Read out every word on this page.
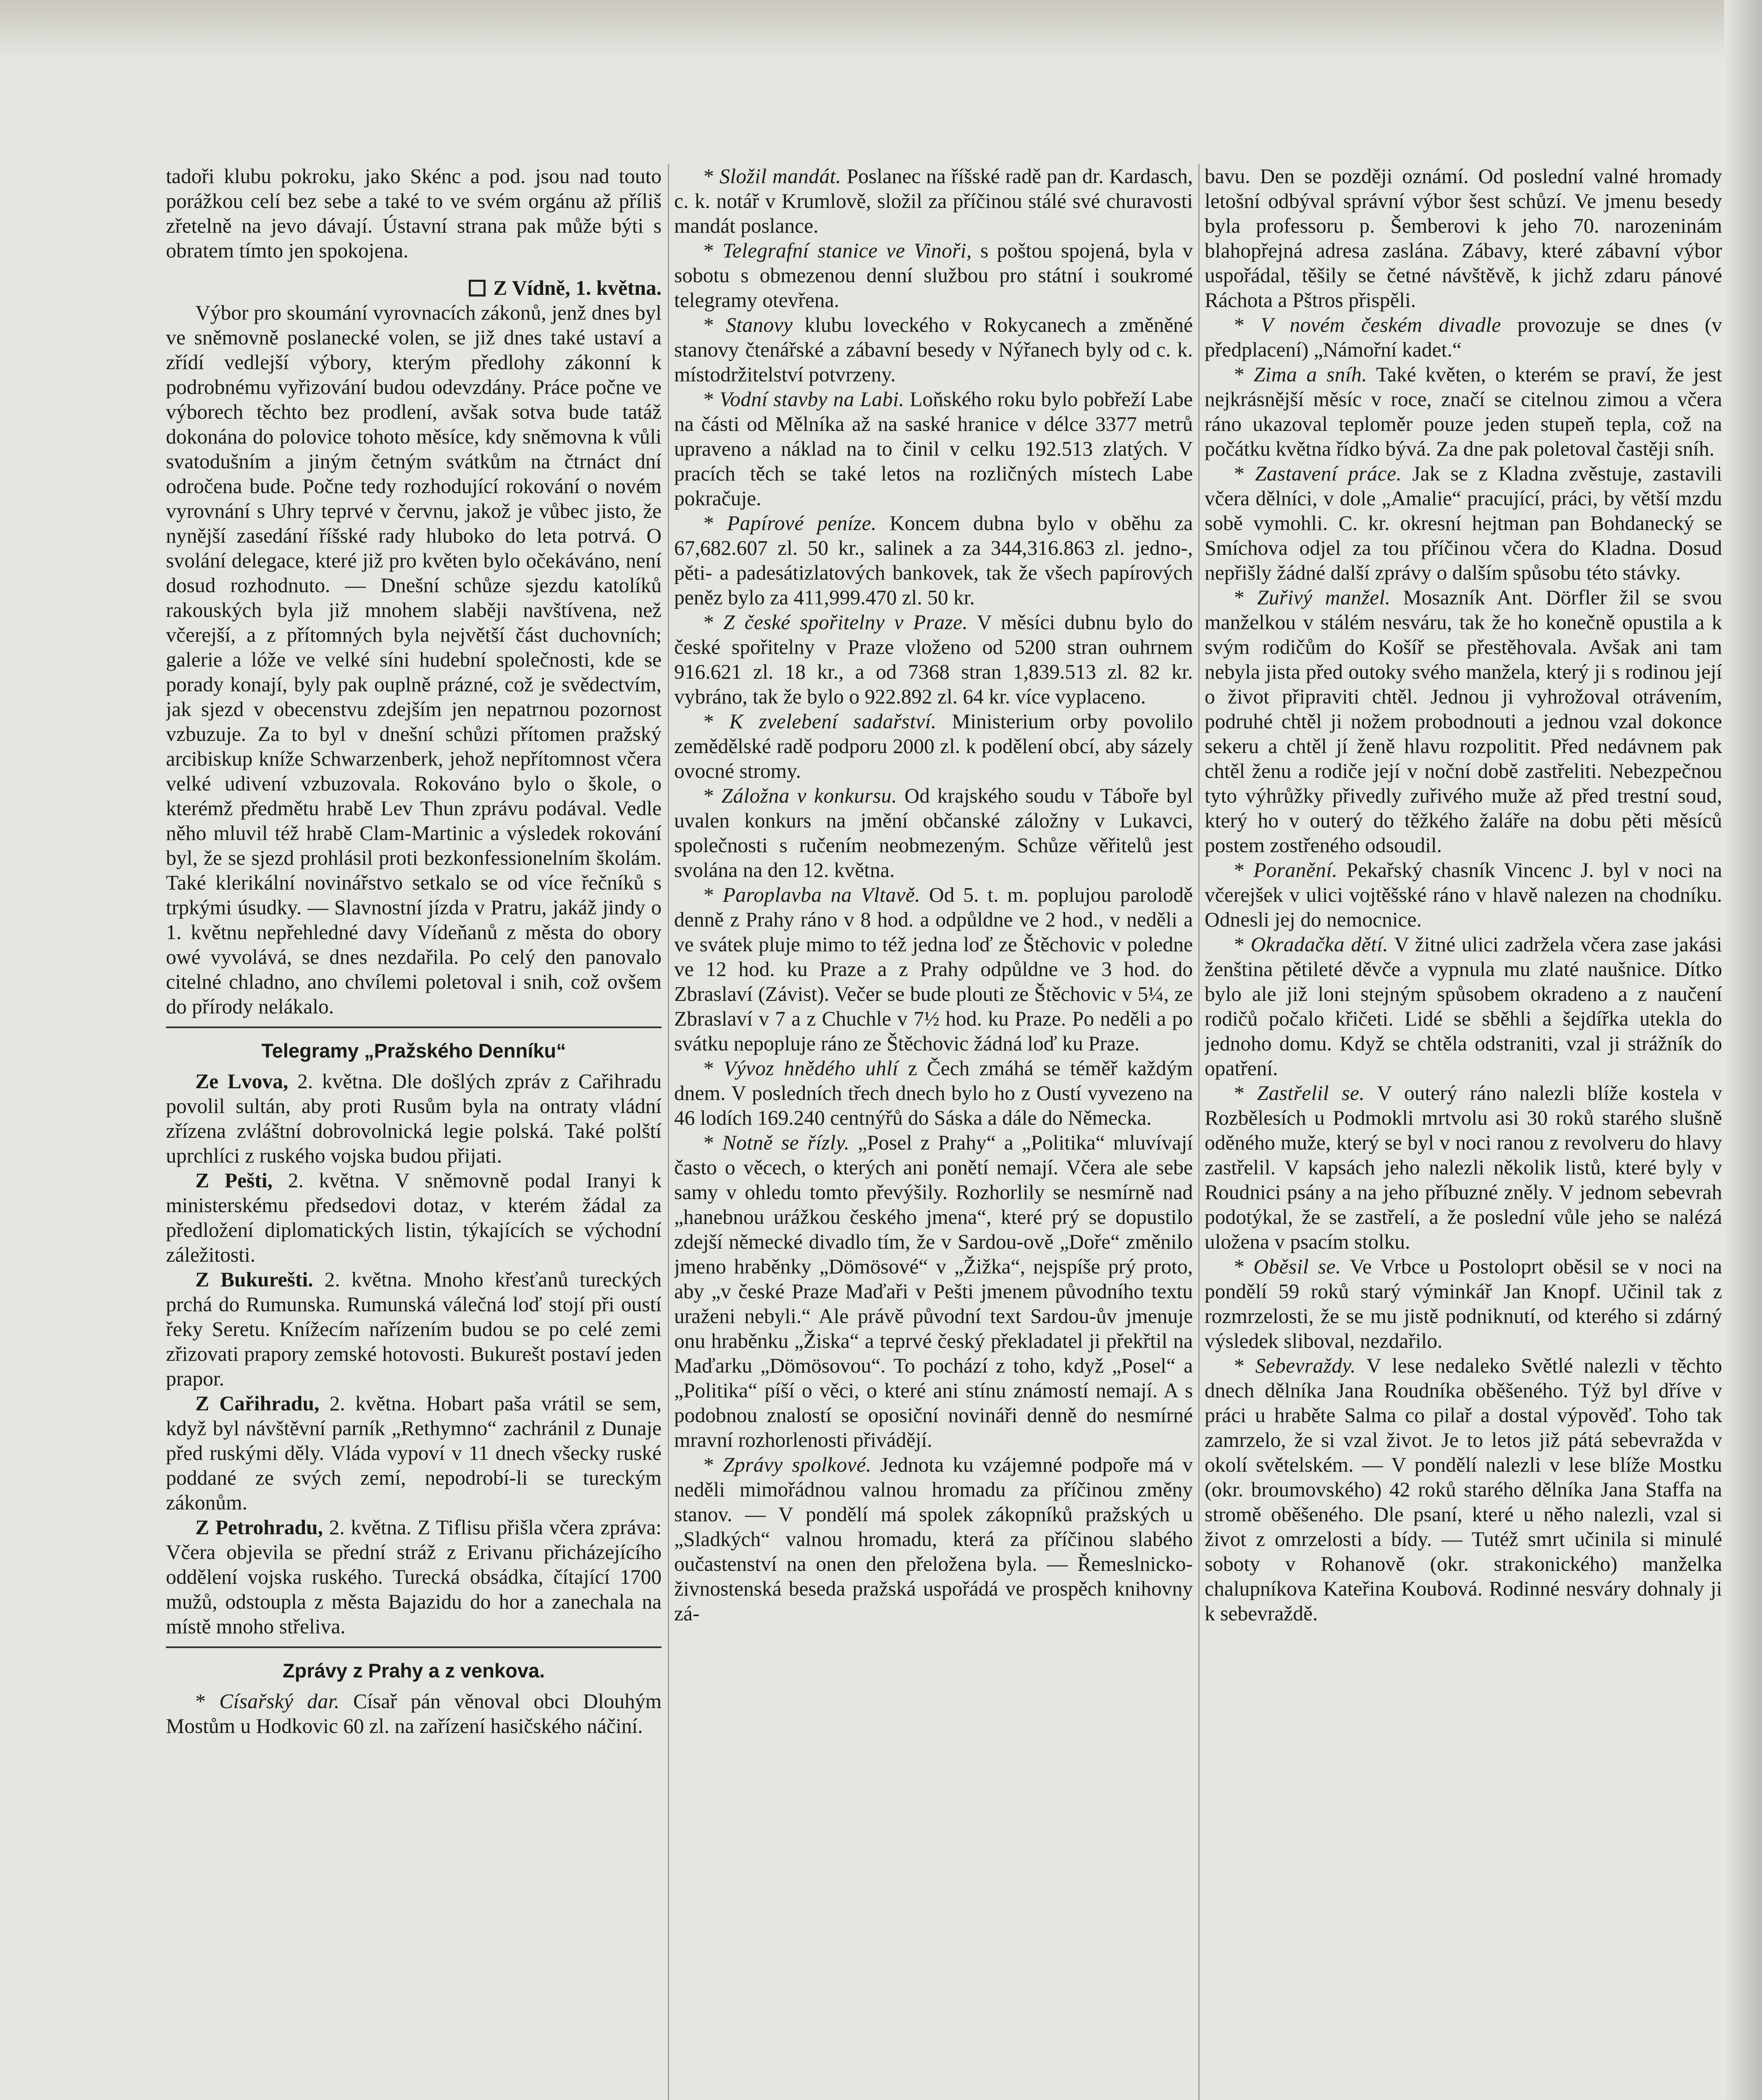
tadoři klubu pokroku, jako Skénc a pod. jsou nad touto porážkou celí bez sebe a také to ve svém orgánu až příliš zřetelně na jevo dávají. Ústavní strana pak může býti s obratem tímto jen spokojena.

Z Vídně, 1. května.

Výbor pro skoumání vyrovnacích zákonů, jenž dnes byl ve sněmovně poslanecké volen, se již dnes také ustaví a zřídí vedlejší výbory, kterým předlohy zákonní k podrobnému vyřizování budou odevzdány. Práce počne ve výborech těchto bez prodlení, avšak sotva bude tatáž dokonána do polovice tohoto měsíce, kdy sněmovna k vůli svatodušním a jiným četným svátkům na čtrnáct dní odročena bude. Počne tedy rozhodující rokování o novém vyrovnání s Uhry teprvé v červnu, jakož je vůbec jisto, že nynější zasedání říšské rady hluboko do leta potrvá. O svolání delegace, které již pro květen bylo očekáváno, není dosud rozhodnuto. — Dnešní schůze sjezdu katolíků rakouských byla již mnohem slaběji navštívena, než včerejší, a z přítomných byla největší část duchovních; galerie a lóže ve velké síni hudební společnosti, kde se porady konají, byly pak ouplně prázné, což je svědectvím, jak sjezd v obecenstvu zdejším jen nepatrnou pozornost vzbuzuje. Za to byl v dnešní schůzi přítomen pražský arcibiskup kníže Schwarzenberk, jehož nepřítomnost včera velké udivení vzbuzovala. Rokováno bylo o škole, o kterémž předmětu hrabě Lev Thun zprávu podával. Vedle něho mluvil též hrabě Clam-Martinic a výsledek rokování byl, že se sjezd prohlásil proti bezkonfessionelním školám. Také klerikální novinářstvo setkalo se od více řečníků s trpkými úsudky. — Slavnostní jízda v Pratru, jakáž jindy o 1. květnu nepřehledné davy Vídeňanů z města do obory owé vyvolává, se dnes nezdařila. Po celý den panovalo citelné chladno, ano chvílemi poletoval i snih, což ovšem do přírody nelákalo.

Telegramy „Pražského Denníku“

Ze Lvova, 2. května. Dle došlých zpráv z Cařihradu povolil sultán, aby proti Rusům byla na ontraty vládní zřízena zvláštní dobrovolnická legie polská. Také polští uprchlíci z ruského vojska budou přijati.

Z Pešti, 2. května. V sněmovně podal Iranyi k ministerskému předsedovi dotaz, v kterém žádal za předložení diplomatických listin, týkajících se východní záležitosti.

Z Bukurešti. 2. května. Mnoho křesťanů tureckých prchá do Rumunska. Rumunská válečná loď stojí při oustí řeky Seretu. Knížecím nařízením budou se po celé zemi zřizovati prapory zemské hotovosti. Bukurešt postaví jeden prapor.

Z Cařihradu, 2. května. Hobart paša vrátil se sem, když byl návštěvní parník „Rethymno“ zachránil z Dunaje před ruskými děly. Vláda vypoví v 11 dnech všecky ruské poddané ze svých zemí, nepodrobí-li se tureckým zákonům.

Z Petrohradu, 2. května. Z Tiflisu přišla včera zpráva: Včera objevila se přední stráž z Erivanu přicházejícího oddělení vojska ruského. Turecká obsádka, čítající 1700 mužů, odstoupla z města Bajazidu do hor a zanechala na místě mnoho střeliva.

Zprávy z Prahy a z venkova.

* Císařský dar. Císař pán věnoval obci Dlouhým Mostům u Hodkovic 60 zl. na zařízení hasičského náčiní.

* Složil mandát. Poslanec na říšské radě pan dr. Kardasch, c. k. notář v Krumlově, složil za příčinou stálé své churavosti mandát poslance.

* Telegrafní stanice ve Vinoři, s poštou spojená, byla v sobotu s obmezenou denní službou pro státní i soukromé telegramy otevřena.

* Stanovy klubu loveckého v Rokycanech a změněné stanovy čtenářské a zábavní besedy v Nýřanech byly od c. k. místodržitelství potvrzeny.

* Vodní stavby na Labi. Loňského roku bylo pobřeží Labe na části od Mělníka až na saské hranice v délce 3377 metrů upraveno a náklad na to činil v celku 192.513 zlatých. V pracích těch se také letos na rozličných místech Labe pokračuje.

* Papírové peníze. Koncem dubna bylo v oběhu za 67,682.607 zl. 50 kr., salinek a za 344,316.863 zl. jedno-, pěti- a padesátizlatových bankovek, tak že všech papírových peněz bylo za 411,999.470 zl. 50 kr.

* Z české spořitelny v Praze. V měsíci dubnu bylo do české spořitelny v Praze vloženo od 5200 stran ouhrnem 916.621 zl. 18 kr., a od 7368 stran 1,839.513 zl. 82 kr. vybráno, tak že bylo o 922.892 zl. 64 kr. více vyplaceno.

* K zvelebení sadařství. Ministerium orby povolilo zemědělské radě podporu 2000 zl. k podělení obcí, aby sázely ovocné stromy.

* Záložna v konkursu. Od krajského soudu v Táboře byl uvalen konkurs na jmění občanské záložny v Lukavci, společnosti s ručením neobmezeným. Schůze věřitelů jest svolána na den 12. května.

* Paroplavba na Vltavě. Od 5. t. m. poplujou parolodě denně z Prahy ráno v 8 hod. a odpůldne ve 2 hod., v neděli a ve svátek pluje mimo to též jedna loď ze Štěchovic v poledne ve 12 hod. ku Praze a z Prahy odpůldne ve 3 hod. do Zbraslaví (Závist). Večer se bude plouti ze Štěchovic v 5¼, ze Zbraslaví v 7 a z Chuchle v 7½ hod. ku Praze. Po neděli a po svátku nepopluje ráno ze Štěchovic žádná loď ku Praze.

* Vývoz hnědého uhlí z Čech zmáhá se téměř každým dnem. V posledních třech dnech bylo ho z Oustí vyvezeno na 46 lodích 169.240 centnýřů do Sáska a dále do Německa.

* Notně se řízly. „Posel z Prahy“ a „Politika“ mluvívají často o věcech, o kterých ani ponětí nemají. Včera ale sebe samy v ohledu tomto převýšily. Rozhorlily se nesmírně nad „hanebnou urážkou českého jmena“, které prý se dopustilo zdejší německé divadlo tím, že v Sardou-ově „Doře“ změnilo jmeno hraběnky „Dömösové“ v „Žižka“, nejspíše prý proto, aby „v české Praze Maďaři v Pešti jmenem původního textu uraženi nebyli.“ Ale právě původní text Sardou-ův jmenuje onu hraběnku „Žiska“ a teprvé český překladatel ji překřtil na Maďarku „Dömösovou“. To pochází z toho, když „Posel“ a „Politika“ píší o věci, o které ani stínu známostí nemají. A s podobnou znalostí se oposiční novináři denně do nesmírné mravní rozhorlenosti přivádějí.

* Zprávy spolkové. Jednota ku vzájemné podpoře má v neděli mimořádnou valnou hromadu za příčinou změny stanov. — V pondělí má spolek zákopníků pražských u „Sladkých“ valnou hromadu, která za příčinou slabého oučastenství na onen den přeložena byla. — Řemeslnicko-živnostenská beseda pražská uspořádá ve prospěch knihovny zá-

bavu. Den se později oznámí. Od poslední valné hromady letošní odbýval správní výbor šest schůzí. Ve jmenu besedy byla professoru p. Šemberovi k jeho 70. narozeninám blahopřejná adresa zaslána. Zábavy, které zábavní výbor uspořádal, těšily se četné návštěvě, k jichž zdaru pánové Ráchota a Pštros přispěli.

* V novém českém divadle provozuje se dnes (v předplacení) „Námořní kadet.“

* Zima a sníh. Také květen, o kterém se praví, že jest nejkrásnější měsíc v roce, značí se citelnou zimou a včera ráno ukazoval teploměr pouze jeden stupeň tepla, což na počátku května řídko bývá. Za dne pak poletoval častěji sníh.

* Zastavení práce. Jak se z Kladna zvěstuje, zastavili včera dělníci, v dole „Amalie“ pracující, práci, by větší mzdu sobě vymohli. C. kr. okresní hejtman pan Bohdanecký se Smíchova odjel za tou příčinou včera do Kladna. Dosud nepřišly žádné další zprávy o dalším spůsobu této stávky.

* Zuřivý manžel. Mosazník Ant. Dörfler žil se svou manželkou v stálém nesváru, tak že ho konečně opustila a k svým rodičům do Košíř se přestěhovala. Avšak ani tam nebyla jista před outoky svého manžela, který ji s rodinou její o život připraviti chtěl. Jednou ji vyhrožoval otrávením, podruhé chtěl ji nožem probodnouti a jednou vzal dokonce sekeru a chtěl jí ženě hlavu rozpolitit. Před nedávnem pak chtěl ženu a rodiče její v noční době zastřeliti. Nebezpečnou tyto výhrůžky přivedly zuřivého muže až před trestní soud, který ho v outerý do těžkého žaláře na dobu pěti měsíců postem zostřeného odsoudil.

* Poranění. Pekařský chasník Vincenc J. byl v noci na včerejšek v ulici vojtěšské ráno v hlavě nalezen na chodníku. Odnesli jej do nemocnice.

* Okradačka dětí. V žitné ulici zadržela včera zase jakási ženština pětileté děvče a vypnula mu zlaté naušnice. Dítko bylo ale již loni stejným spůsobem okradeno a z naučení rodičů počalo křičeti. Lidé se sběhli a šejdířka utekla do jednoho domu. Když se chtěla odstraniti, vzal ji strážník do opatření.

* Zastřelil se. V outerý ráno nalezli blíže kostela v Rozbělesích u Podmokli mrtvolu asi 30 roků starého slušně oděného muže, který se byl v noci ranou z revolveru do hlavy zastřelil. V kapsách jeho nalezli několik listů, které byly v Roudnici psány a na jeho příbuzné zněly. V jednom sebevrah podotýkal, že se zastřelí, a že poslední vůle jeho se nalézá uložena v psacím stolku.

* Oběsil se. Ve Vrbce u Postoloprt oběsil se v noci na pondělí 59 roků starý výminkář Jan Knopf. Učinil tak z rozmrzelosti, že se mu jistě podniknutí, od kterého si zdárný výsledek sliboval, nezdařilo.

* Sebevraždy. V lese nedaleko Světlé nalezli v těchto dnech dělníka Jana Roudníka oběšeného. Týž byl dříve v práci u hraběte Salma co pilař a dostal výpověď. Toho tak zamrzelo, že si vzal život. Je to letos již pátá sebevražda v okolí světelském. — V pondělí nalezli v lese blíže Mostku (okr. broumovského) 42 roků starého dělníka Jana Staffa na stromě oběšeného. Dle psaní, které u něho nalezli, vzal si život z omrzelosti a bídy. — Tutéž smrt učinila si minulé soboty v Rohanově (okr. strakonického) manželka chalupníkova Kateřina Koubová. Rodinné nesváry dohnaly ji k sebevraždě.
